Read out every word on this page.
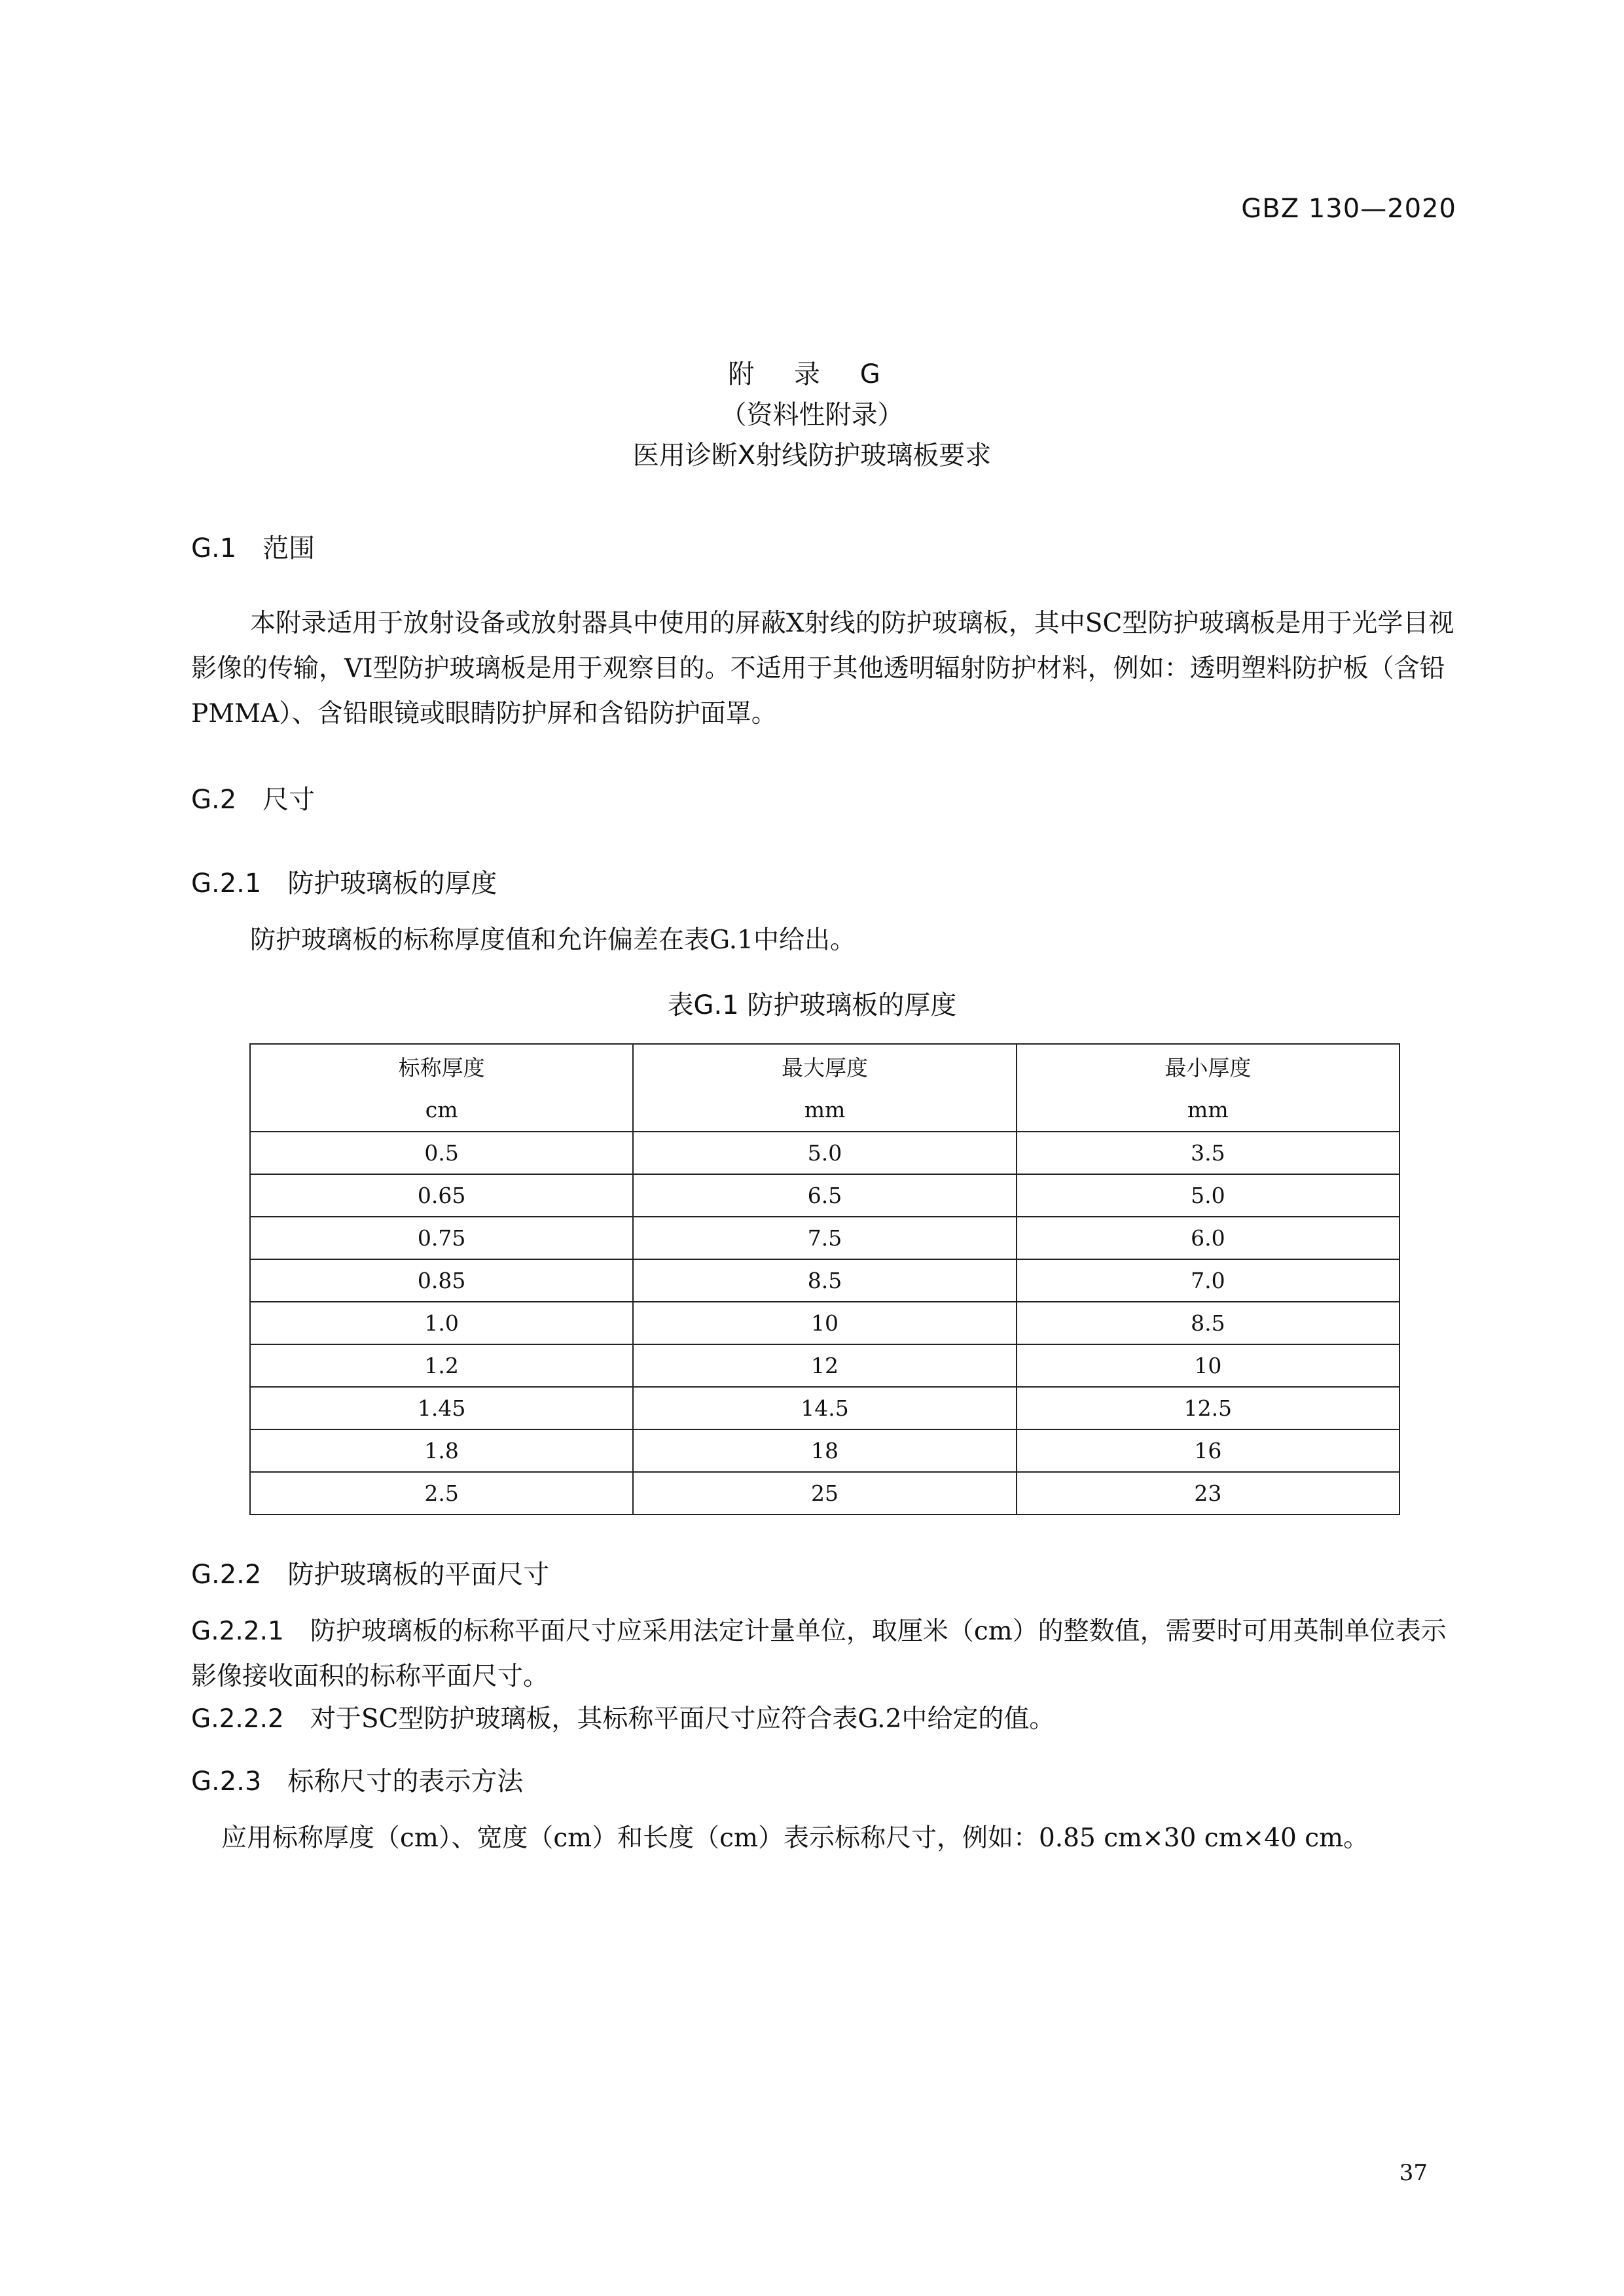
GBZ 130—2020
附 录 G
（资料性附录）
医用诊断X射线防护玻璃板要求
G.1 范围
本附录适用于放射设备或放射器具中使用的屏蔽X射线的防护玻璃板，其中SC型防护玻璃板是用于光学目视影像的传输，VI型防护玻璃板是用于观察目的。不适用于其他透明辐射防护材料，例如：透明塑料防护板（含铅PMMA）、含铅眼镜或眼睛防护屏和含铅防护面罩。
G.2 尺寸
G.2.1 防护玻璃板的厚度
防护玻璃板的标称厚度值和允许偏差在表G.1中给出。
表G.1 防护玻璃板的厚度
标称厚度	最大厚度	最小厚度
cm	mm	mm
0.5	5.0	3.5
0.65	6.5	5.0
0.75	7.5	6.0
0.85	8.5	7.0
1.0	10	8.5
1.2	12	10
1.45	14.5	12.5
1.8	18	16
2.5	25	23
G.2.2 防护玻璃板的平面尺寸
G.2.2.1 防护玻璃板的标称平面尺寸应采用法定计量单位，取厘米（cm）的整数值，需要时可用英制单位表示影像接收面积的标称平面尺寸。
G.2.2.2 对于SC型防护玻璃板，其标称平面尺寸应符合表G.2中给定的值。
G.2.3 标称尺寸的表示方法
应用标称厚度（cm）、宽度（cm）和长度（cm）表示标称尺寸，例如：0.85 cm×30 cm×40 cm。
37
